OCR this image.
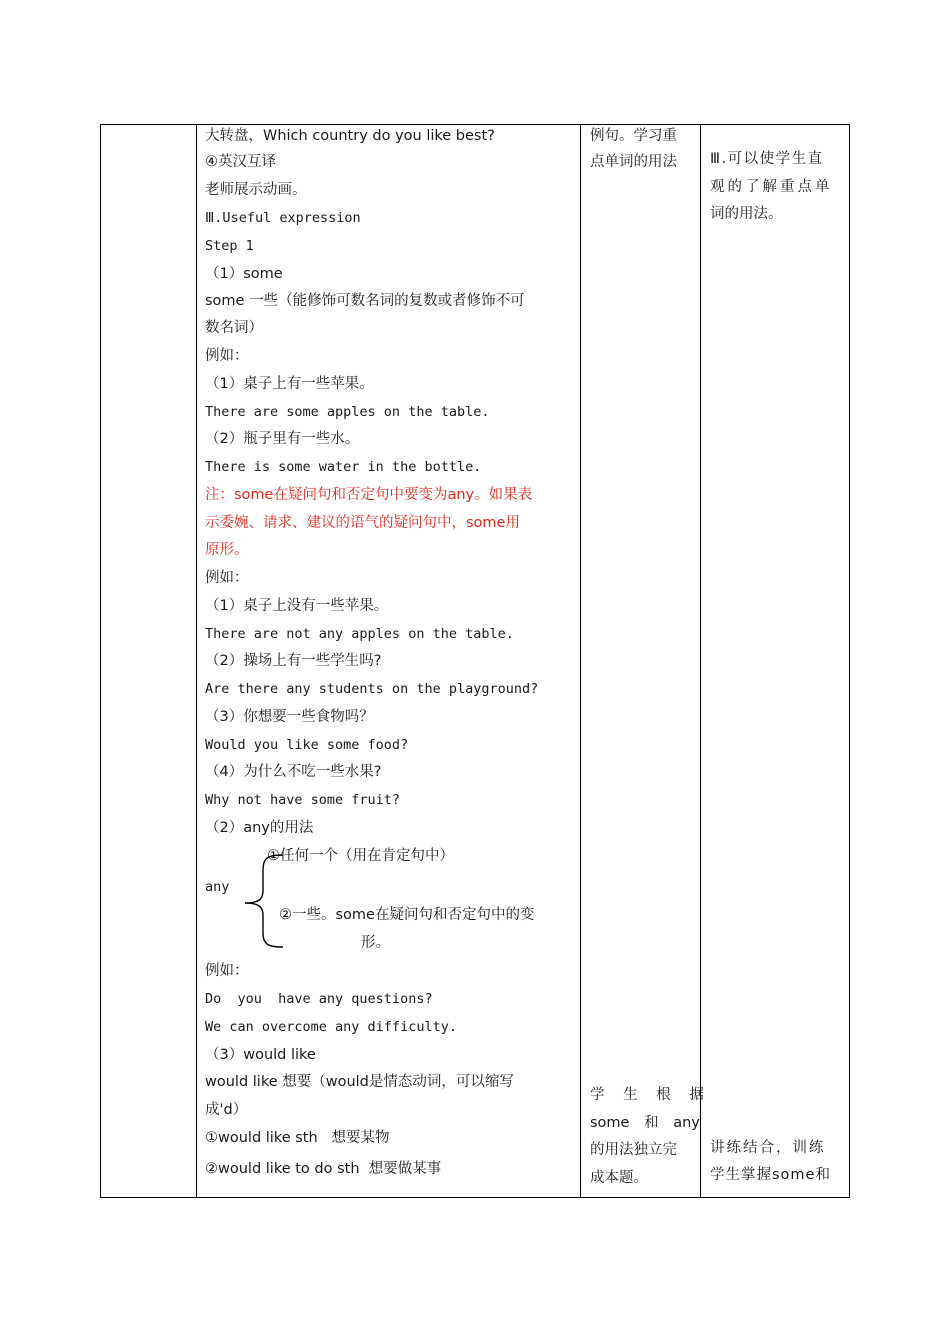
大转盘，Which country do you like best?
④英汉互译
老师展示动画。
Ⅲ.Useful expression
Step 1
（1）some
some 一些（能修饰可数名词的复数或者修饰不可
数名词）
例如：
（1）桌子上有一些苹果。
There are some apples on the table.
（2）瓶子里有一些水。
There is some water in the bottle.
注：some在疑问句和否定句中要变为any。如果表
示委婉、请求、建议的语气的疑问句中，some用
原形。
例如：
（1）桌子上没有一些苹果。
There are not any apples on the table.
（2）操场上有一些学生吗?
Are there any students on the playground?
（3）你想要一些食物吗？
Would you like some food?
（4）为什么不吃一些水果?
Why not have some fruit?
（2）any的用法
①任何一个（用在肯定句中）
any
②一些。some在疑问句和否定句中的变
形。
例如：
Do  you  have any questions?
We can overcome any difficulty.
（3）would like
would like 想要（would是情态动词，可以缩写
成'd）
①would like sth   想要某物
②would like to do sth  想要做某事
例句。学习重
点单词的用法
学 生 根 据
some 和 any
的用法独立完
成本题。
Ⅲ.可以使学生直
观的了解重点单
词的用法。
讲练结合，训练
学生掌握some和
